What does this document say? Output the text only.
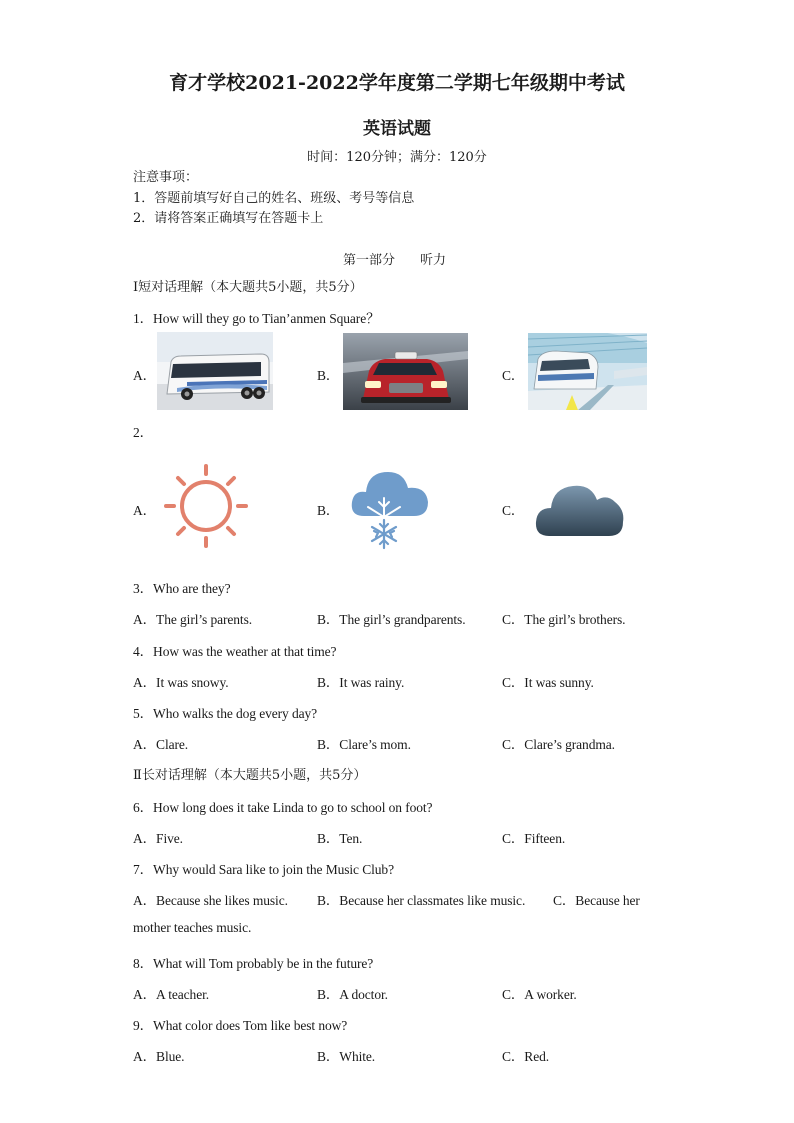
育才学校2021-2022学年度第二学期七年级期中考试
英语试题
时间：120分钟；满分：120分
注意事项：
1．答题前填写好自己的姓名、班级、考号等信息
2．请将答案正确填写在答题卡上
第一部分 听力
Ⅰ短对话理解（本大题共5小题，共5分）
1．How will they go to Tian’anmen Square？
A．	B．	C．
2．
A．	B．	C．
3．Who are they?
A．The girl’s parents.	B．The girl’s grandparents.	C．The girl’s brothers.
4．How was the weather at that time?
A．It was snowy.	B．It was rainy.	C．It was sunny.
5．Who walks the dog every day?
A．Clare.	B．Clare’s mom.	C．Clare’s grandma.
Ⅱ长对话理解（本大题共5小题，共5分）
6．How long does it take Linda to go to school on foot?
A．Five.	B．Ten.	C．Fifteen.
7．Why would Sara like to join the Music Club?
A．Because she likes music. B．Because her classmates like music. C．Because her
mother teaches music.
8．What will Tom probably be in the future?
A．A teacher.	B．A doctor.	C．A worker.
9．What color does Tom like best now?
A．Blue.	B．White.	C．Red.
